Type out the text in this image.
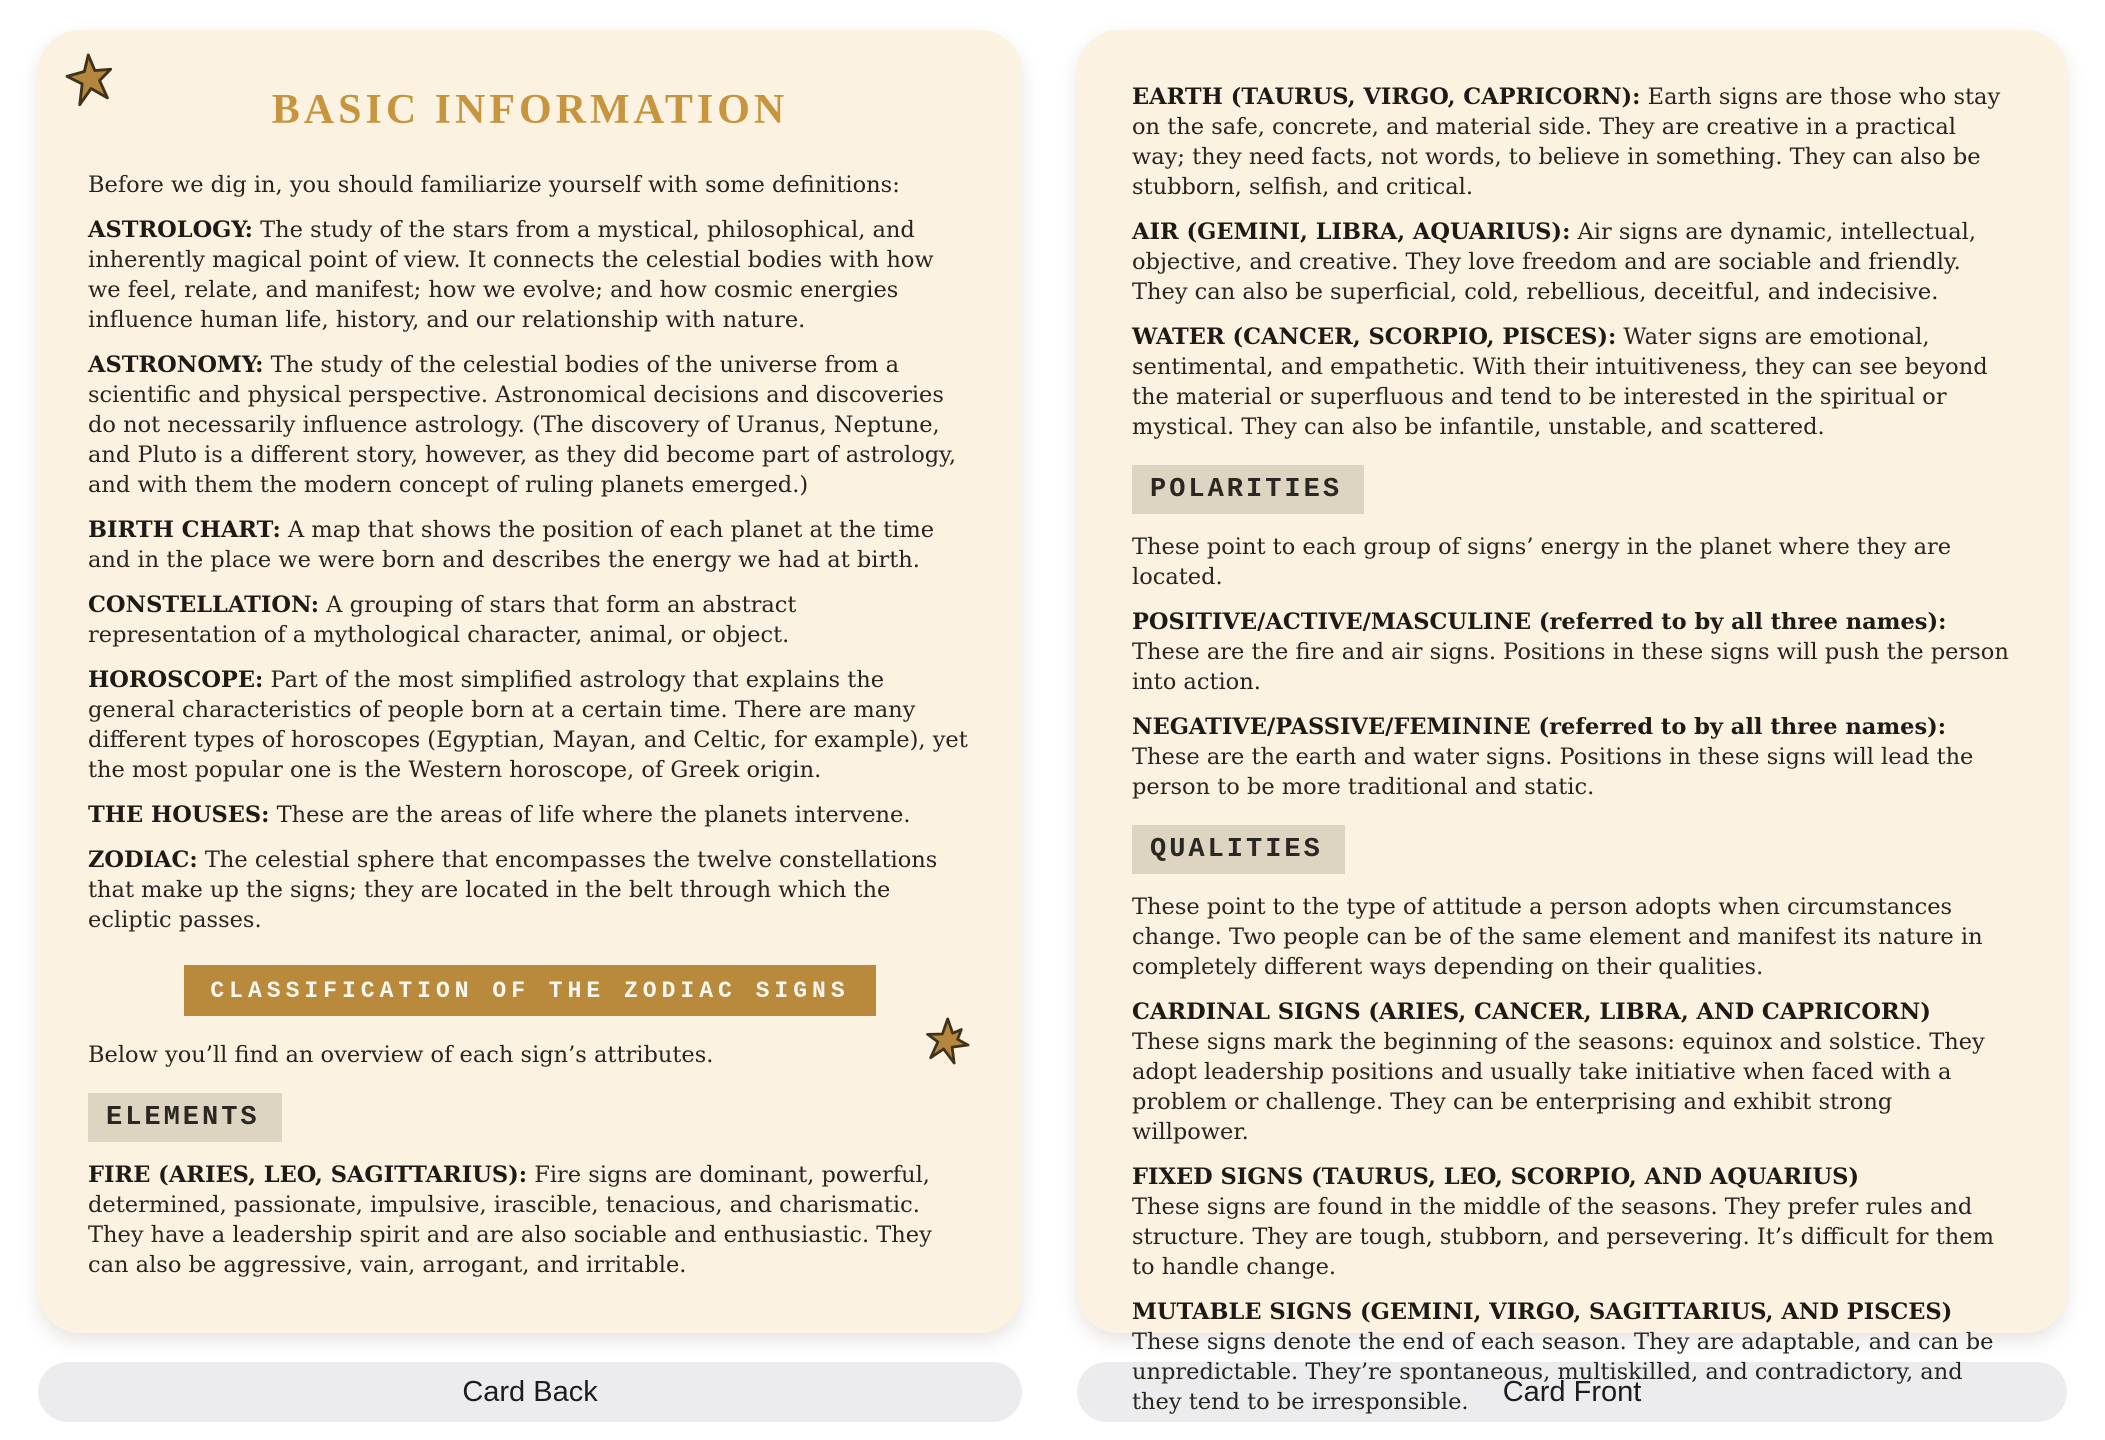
BASIC INFORMATION

Before we dig in, you should familiarize yourself with some definitions:

ASTROLOGY: The study of the stars from a mystical, philosophical, and inherently magical point of view. It connects the celestial bodies with how we feel, relate, and manifest; how we evolve; and how cosmic energies influence human life, history, and our relationship with nature.

ASTRONOMY: The study of the celestial bodies of the universe from a scientific and physical perspective. Astronomical decisions and discoveries do not necessarily influence astrology. (The discovery of Uranus, Neptune, and Pluto is a different story, however, as they did become part of astrology, and with them the modern concept of ruling planets emerged.)

BIRTH CHART: A map that shows the position of each planet at the time and in the place we were born and describes the energy we had at birth.

CONSTELLATION: A grouping of stars that form an abstract representation of a mythological character, animal, or object.

HOROSCOPE: Part of the most simplified astrology that explains the general characteristics of people born at a certain time. There are many different types of horoscopes (Egyptian, Mayan, and Celtic, for example), yet the most popular one is the Western horoscope, of Greek origin.

THE HOUSES: These are the areas of life where the planets intervene.

ZODIAC: The celestial sphere that encompasses the twelve constellations that make up the signs; they are located in the belt through which the ecliptic passes.

CLASSIFICATION OF THE ZODIAC SIGNS

Below you’ll find an overview of each sign’s attributes.

ELEMENTS

FIRE (ARIES, LEO, SAGITTARIUS): Fire signs are dominant, powerful, determined, passionate, impulsive, irascible, tenacious, and charismatic. They have a leadership spirit and are also sociable and enthusiastic. They can also be aggressive, vain, arrogant, and irritable.

EARTH (TAURUS, VIRGO, CAPRICORN): Earth signs are those who stay on the safe, concrete, and material side. They are creative in a practical way; they need facts, not words, to believe in something. They can also be stubborn, selfish, and critical.

AIR (GEMINI, LIBRA, AQUARIUS): Air signs are dynamic, intellectual, objective, and creative. They love freedom and are sociable and friendly. They can also be superficial, cold, rebellious, deceitful, and indecisive.

WATER (CANCER, SCORPIO, PISCES): Water signs are emotional, sentimental, and empathetic. With their intuitiveness, they can see beyond the material or superfluous and tend to be interested in the spiritual or mystical. They can also be infantile, unstable, and scattered.

POLARITIES

These point to each group of signs’ energy in the planet where they are located.

POSITIVE/ACTIVE/MASCULINE (referred to by all three names): These are the fire and air signs. Positions in these signs will push the person into action.

NEGATIVE/PASSIVE/FEMININE (referred to by all three names): These are the earth and water signs. Positions in these signs will lead the person to be more traditional and static.

QUALITIES

These point to the type of attitude a person adopts when circumstances change. Two people can be of the same element and manifest its nature in completely different ways depending on their qualities.

CARDINAL SIGNS (ARIES, CANCER, LIBRA, AND CAPRICORN)
These signs mark the beginning of the seasons: equinox and solstice. They adopt leadership positions and usually take initiative when faced with a problem or challenge. They can be enterprising and exhibit strong willpower.

FIXED SIGNS (TAURUS, LEO, SCORPIO, AND AQUARIUS)
These signs are found in the middle of the seasons. They prefer rules and structure. They are tough, stubborn, and persevering. It’s difficult for them to handle change.

MUTABLE SIGNS (GEMINI, VIRGO, SAGITTARIUS, AND PISCES)
These signs denote the end of each season. They are adaptable, and can be unpredictable. They’re spontaneous, multiskilled, and contradictory, and they tend to be irresponsible.

Card Back	Card Front
